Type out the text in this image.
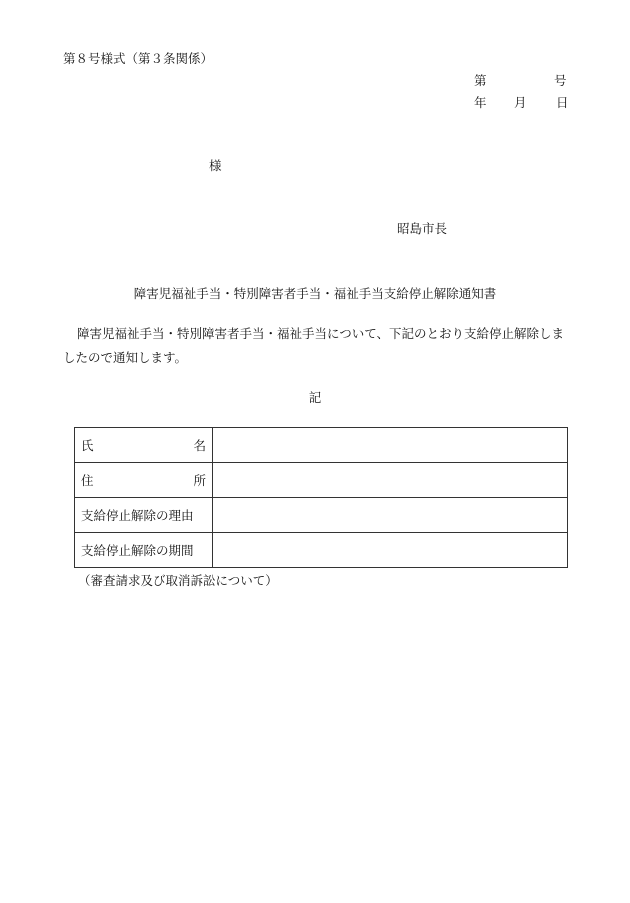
第８号様式（第３条関係）
第	号
年 月 日
様
昭島市長
障害児福祉手当・特別障害者手当・福祉手当支給停止解除通知書

障害児福祉手当・特別障害者手当・福祉手当について、下記のとおり支給停止解除しましたので通知します。

記
氏 名	

住 所	

支給停止解除の理由	
支給停止解除の期間	
（審査請求及び取消訴訟について）
